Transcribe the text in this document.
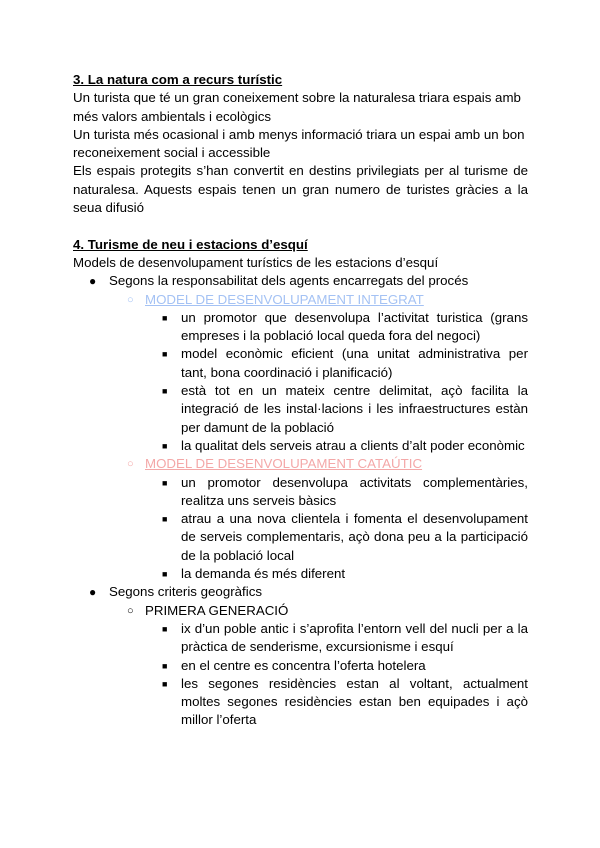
3. La natura com a recurs turístic

Un turista que té un gran coneixement sobre la naturalesa triara espais amb més valors ambientals i ecològics

Un turista més ocasional i amb menys informació triara un espai amb un bon reconeixement social i accessible

Els espais protegits s’han convertit en destins privilegiats per al turisme de naturalesa. Aquests espais tenen un gran numero de turistes gràcies a la seua difusió

4. Turisme de neu i estacions d’esquí

Models de desenvolupament turístics de les estacions d’esquí

● Segons la responsabilitat dels agents encarregats del procés
○ MODEL DE DESENVOLUPAMENT INTEGRAT
■ un promotor que desenvolupa l’activitat turistica (grans empreses i la població local queda fora del negoci)
■ model econòmic eficient (una unitat administrativa per tant, bona coordinació i planificació)
■ està tot en un mateix centre delimitat, açò facilita la integració de les instal·lacions i les infraestructures estàn per damunt de la població
■ la qualitat dels serveis atrau a clients d’alt poder econòmic
○ MODEL DE DESENVOLUPAMENT CATAÚTIC
■ un promotor desenvolupa activitats complementàries, realitza uns serveis bàsics
■ atrau a una nova clientela i fomenta el desenvolupament de serveis complementaris, açò dona peu a la participació de la població local
■ la demanda és més diferent
● Segons criteris geogràfics
○ PRIMERA GENERACIÓ
■ ix d’un poble antic i s’aprofita l’entorn vell del nucli per a la pràctica de senderisme, excursionisme i esquí
■ en el centre es concentra l’oferta hotelera
■ les segones residències estan al voltant, actualment moltes segones residències estan ben equipades i açò millor l’oferta
